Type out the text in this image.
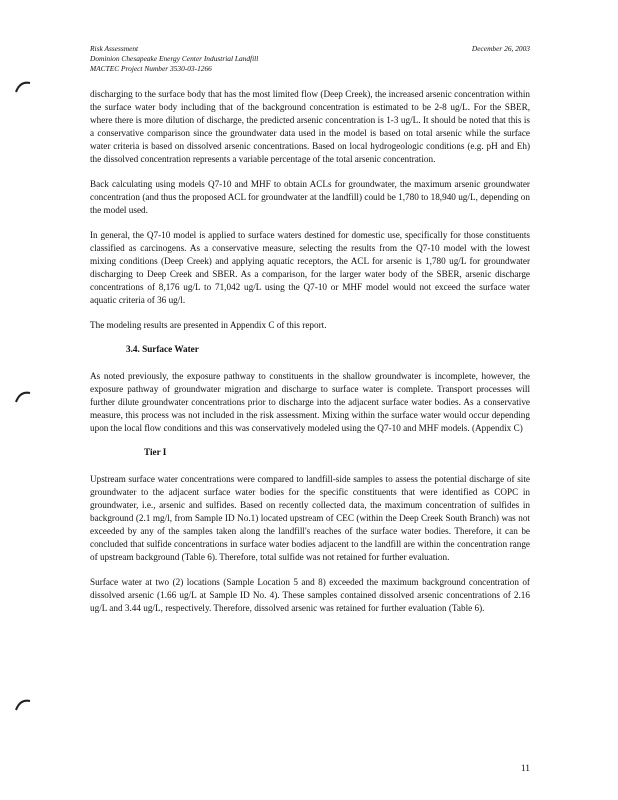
Risk Assessment
Dominion Chesapeake Energy Center Industrial Landfill
MACTEC Project Number 3530-03-1266
December 26, 2003

discharging to the surface body that has the most limited flow (Deep Creek), the increased arsenic concentration within the surface water body including that of the background concentration is estimated to be 2-8 ug/L. For the SBER, where there is more dilution of discharge, the predicted arsenic concentration is 1-3 ug/L. It should be noted that this is a conservative comparison since the groundwater data used in the model is based on total arsenic while the surface water criteria is based on dissolved arsenic concentrations. Based on local hydrogeologic conditions (e.g. pH and Eh) the dissolved concentration represents a variable percentage of the total arsenic concentration.

Back calculating using models Q7-10 and MHF to obtain ACLs for groundwater, the maximum arsenic groundwater concentration (and thus the proposed ACL for groundwater at the landfill) could be 1,780 to 18,940 ug/L, depending on the model used.

In general, the Q7-10 model is applied to surface waters destined for domestic use, specifically for those constituents classified as carcinogens. As a conservative measure, selecting the results from the Q7-10 model with the lowest mixing conditions (Deep Creek) and applying aquatic receptors, the ACL for arsenic is 1,780 ug/L for groundwater discharging to Deep Creek and SBER. As a comparison, for the larger water body of the SBER, arsenic discharge concentrations of 8,176 ug/L to 71,042 ug/L using the Q7-10 or MHF model would not exceed the surface water aquatic criteria of 36 ug/l.

The modeling results are presented in Appendix C of this report.

3.4. Surface Water

As noted previously, the exposure pathway to constituents in the shallow groundwater is incomplete, however, the exposure pathway of groundwater migration and discharge to surface water is complete. Transport processes will further dilute groundwater concentrations prior to discharge into the adjacent surface water bodies. As a conservative measure, this process was not included in the risk assessment. Mixing within the surface water would occur depending upon the local flow conditions and this was conservatively modeled using the Q7-10 and MHF models. (Appendix C)

Tier I

Upstream surface water concentrations were compared to landfill-side samples to assess the potential discharge of site groundwater to the adjacent surface water bodies for the specific constituents that were identified as COPC in groundwater, i.e., arsenic and sulfides. Based on recently collected data, the maximum concentration of sulfides in background (2.1 mg/l, from Sample ID No.1) located upstream of CEC (within the Deep Creek South Branch) was not exceeded by any of the samples taken along the landfill's reaches of the surface water bodies. Therefore, it can be concluded that sulfide concentrations in surface water bodies adjacent to the landfill are within the concentration range of upstream background (Table 6). Therefore, total sulfide was not retained for further evaluation.

Surface water at two (2) locations (Sample Location 5 and 8) exceeded the maximum background concentration of dissolved arsenic (1.66 ug/L at Sample ID No. 4). These samples contained dissolved arsenic concentrations of 2.16 ug/L and 3.44 ug/L, respectively. Therefore, dissolved arsenic was retained for further evaluation (Table 6).

11
